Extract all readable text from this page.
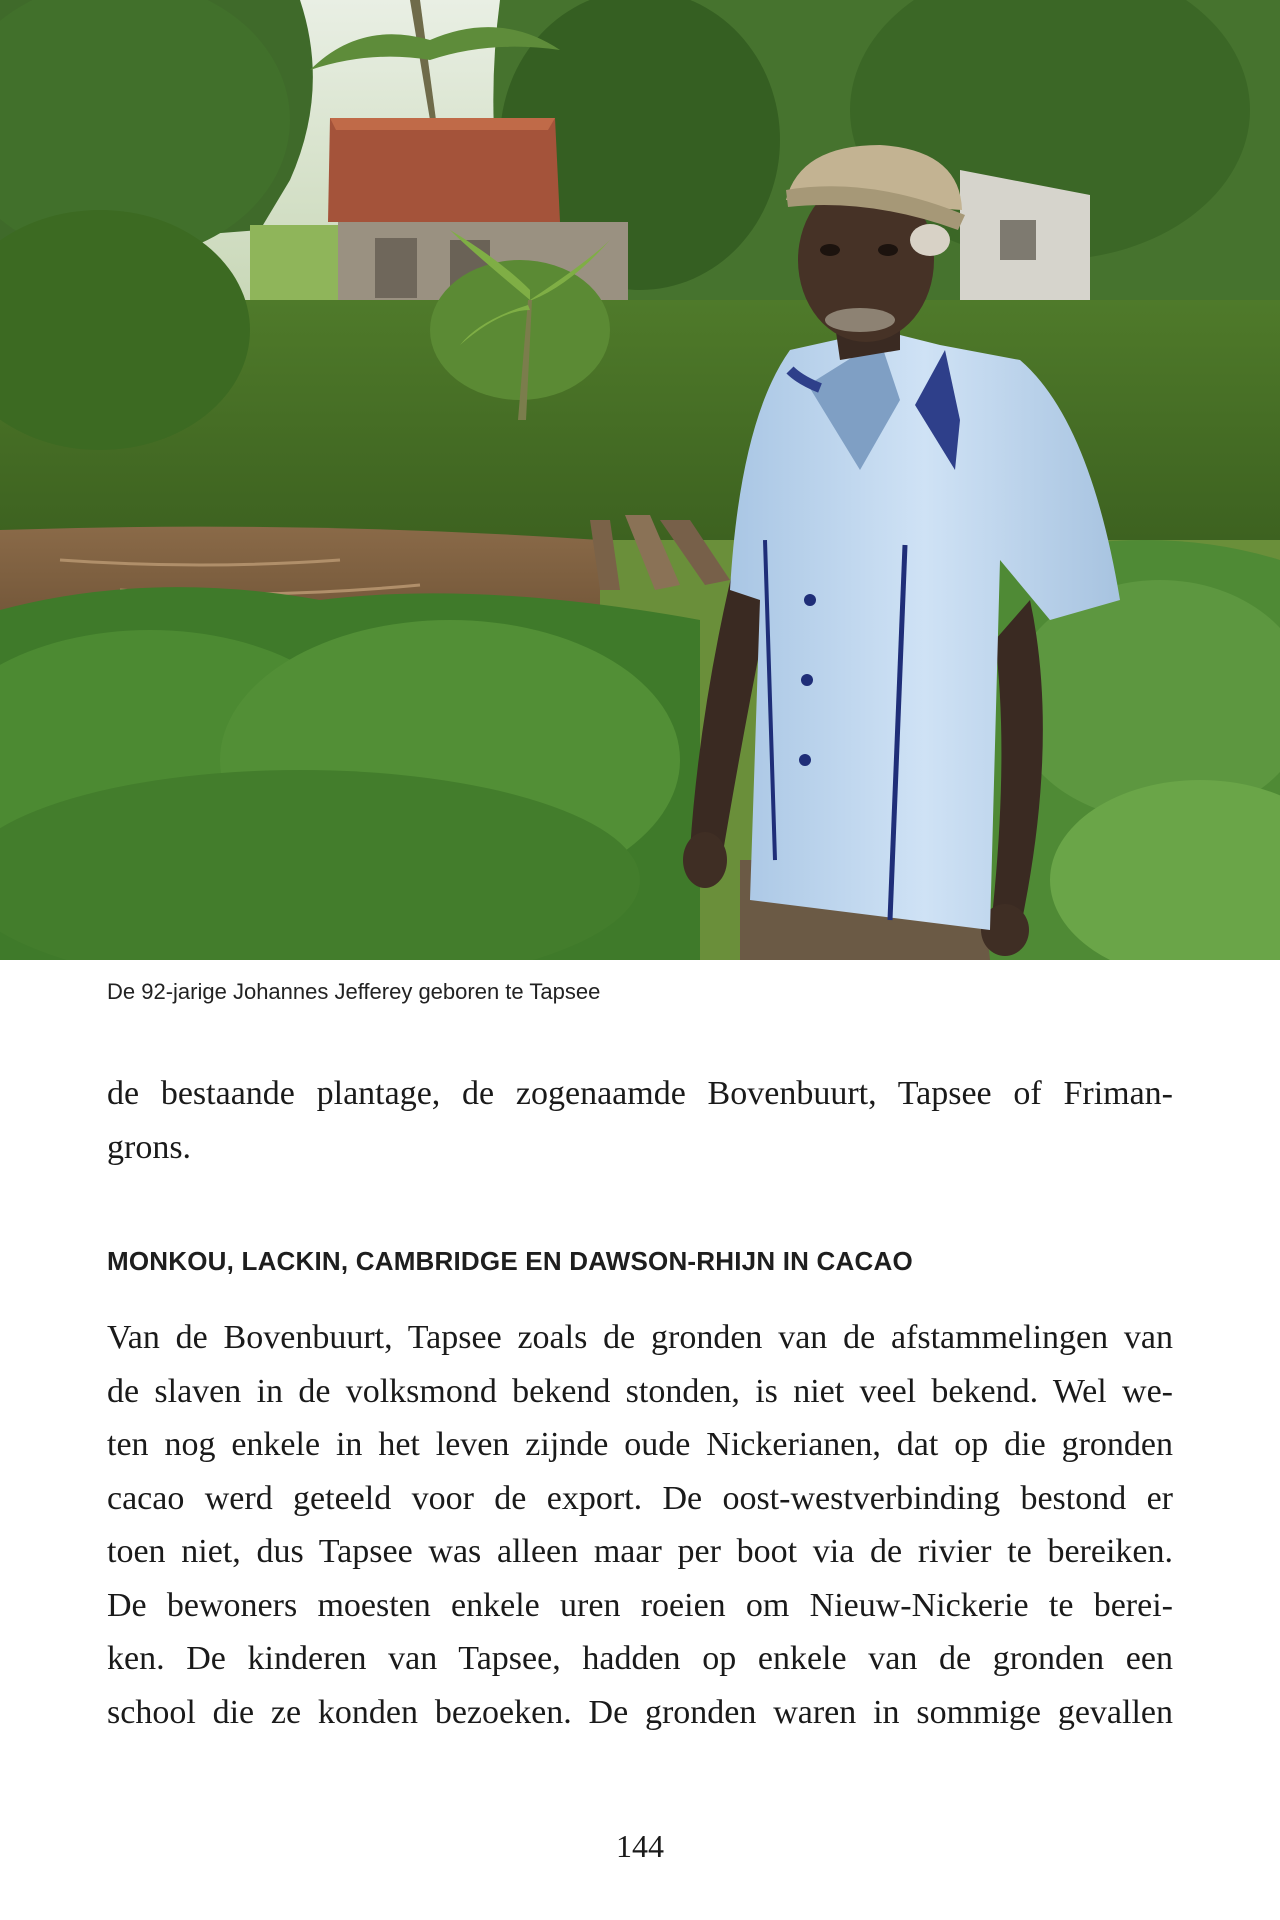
De 92-jarige Johannes Jefferey geboren te Tapsee

de bestaande plantage, de zogenaamde Bovenbuurt, Tapsee of Friman-
grons.

MONKOU, LACKIN, CAMBRIDGE EN DAWSON-RHIJN IN CACAO

Van de Bovenbuurt, Tapsee zoals de gronden van de afstammelingen van
de slaven in de volksmond bekend stonden, is niet veel bekend. Wel we-
ten nog enkele in het leven zijnde oude Nickerianen, dat op die gronden
cacao werd geteeld voor de export. De oost-westverbinding bestond er
toen niet, dus Tapsee was alleen maar per boot via de rivier te bereiken.
De bewoners moesten enkele uren roeien om Nieuw-Nickerie te berei-
ken. De kinderen van Tapsee, hadden op enkele van de gronden een
school die ze konden bezoeken. De gronden waren in sommige gevallen

144
